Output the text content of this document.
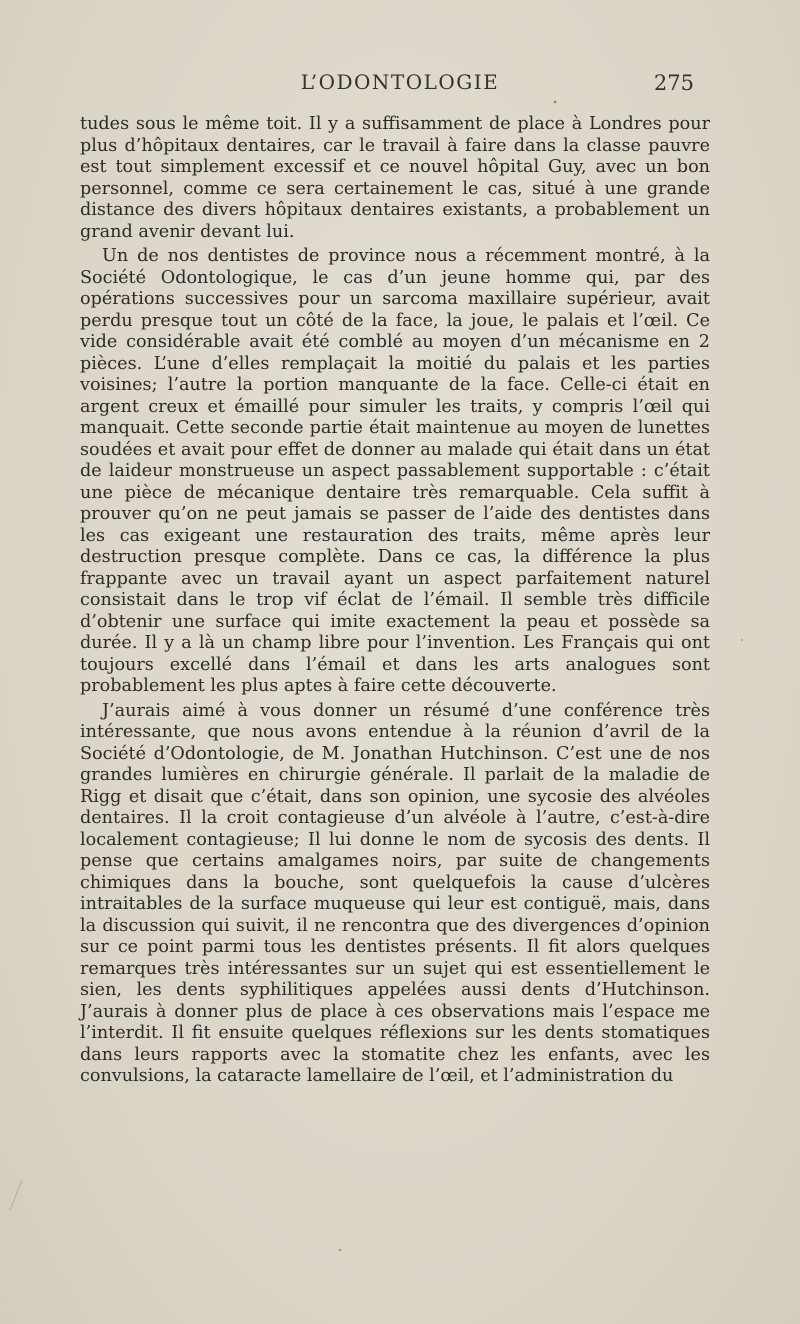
L’ODONTOLOGIE	275

tudes sous le même toit. Il y a suffisamment de place à Londres pour plus d’hôpitaux dentaires, car le travail à faire dans la classe pauvre est tout simplement excessif et ce nouvel hôpital Guy, avec un bon personnel, comme ce sera certainement le cas, situé à une grande distance des divers hôpitaux dentaires existants, a probablement un grand avenir devant lui.

Un de nos dentistes de province nous a récemment montré, à la Société Odontologique, le cas d’un jeune homme qui, par des opérations successives pour un sarcoma maxillaire supérieur, avait perdu presque tout un côté de la face, la joue, le palais et l’œil. Ce vide considérable avait été comblé au moyen d’un mécanisme en 2 pièces. L’une d’elles remplaçait la moitié du palais et les parties voisines; l’autre la portion manquante de la face. Celle-ci était en argent creux et émaillé pour simuler les traits, y compris l’œil qui manquait. Cette seconde partie était maintenue au moyen de lunettes soudées et avait pour effet de donner au malade qui était dans un état de laideur monstrueuse un aspect passablement supportable : c’était une pièce de mécanique dentaire très remarquable. Cela suffit à prouver qu’on ne peut jamais se passer de l’aide des dentistes dans les cas exigeant une restauration des traits, même après leur destruction presque complète. Dans ce cas, la différence la plus frappante avec un travail ayant un aspect parfaitement naturel consistait dans le trop vif éclat de l’émail. Il semble très difficile d’obtenir une surface qui imite exactement la peau et possède sa durée. Il y a là un champ libre pour l’invention. Les Français qui ont toujours excellé dans l’émail et dans les arts analogues sont probablement les plus aptes à faire cette découverte.

J’aurais aimé à vous donner un résumé d’une conférence très intéressante, que nous avons entendue à la réunion d’avril de la Société d’Odontologie, de M. Jonathan Hutchinson. C’est une de nos grandes lumières en chirurgie générale. Il parlait de la maladie de Rigg et disait que c’était, dans son opinion, une sycosie des alvéoles dentaires. Il la croit contagieuse d’un alvéole à l’autre, c’est-à-dire localement contagieuse; Il lui donne le nom de sycosis des dents. Il pense que certains amalgames noirs, par suite de changements chimiques dans la bouche, sont quelquefois la cause d’ulcères intraitables de la surface muqueuse qui leur est contiguë, mais, dans la discussion qui suivit, il ne rencontra que des divergences d’opinion sur ce point parmi tous les dentistes présents. Il fit alors quelques remarques très intéressantes sur un sujet qui est essentiellement le sien, les dents syphilitiques appelées aussi dents d’Hutchinson. J’aurais à donner plus de place à ces observations mais l’espace me l’interdit. Il fit ensuite quelques réflexions sur les dents stomatiques dans leurs rapports avec la stomatite chez les enfants, avec les convulsions, la cataracte lamellaire de l’œil, et l’administration du
